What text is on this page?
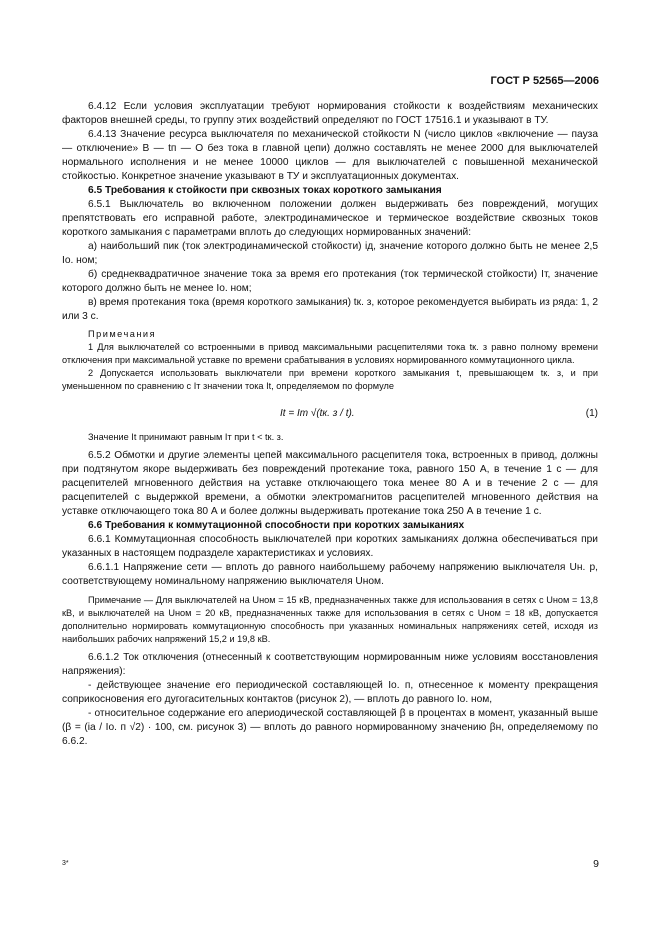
ГОСТ Р 52565—2006

6.4.12 Если условия эксплуатации требуют нормирования стойкости к воздействиям механических факторов внешней среды, то группу этих воздействий определяют по ГОСТ 17516.1 и указывают в ТУ.

6.4.13 Значение ресурса выключателя по механической стойкости N (число циклов «включение — пауза — отключение» B — tп — O без тока в главной цепи) должно составлять не менее 2000 для выключателей нормального исполнения и не менее 10000 циклов — для выключателей с повышенной механической стойкостью. Конкретное значение указывают в ТУ и эксплуатационных документах.

6.5 Требования к стойкости при сквозных токах короткого замыкания

6.5.1 Выключатель во включенном положении должен выдерживать без повреждений, могущих препятствовать его исправной работе, электродинамическое и термическое воздействие сквозных токов короткого замыкания с параметрами вплоть до следующих нормированных значений:

а) наибольший пик (ток электродинамической стойкости) iд, значение которого должно быть не менее 2,5 Iо. ном;

б) среднеквадратичное значение тока за время его протекания (ток термической стойкости) Iт, значение которого должно быть не менее Iо. ном;

в) время протекания тока (время короткого замыкания) tк. з, которое рекомендуется выбирать из ряда: 1, 2 или 3 с.

Примечания

1 Для выключателей со встроенными в привод максимальными расцепителями тока tк. з равно полному времени отключения при максимальной уставке по времени срабатывания в условиях нормированного коммутационного цикла.

2 Допускается использовать выключатели при времени короткого замыкания t, превышающем tк. з, и при уменьшенном по сравнению с Iт значении тока It, определяемом по формуле

It = Iт √(tк. з / t).	(1)

Значение It принимают равным Iт при t < tк. з.

6.5.2 Обмотки и другие элементы цепей максимального расцепителя тока, встроенных в привод, должны при подтянутом якоре выдерживать без повреждений протекание тока, равного 150 А, в течение 1 с — для расцепителей мгновенного действия на уставке отключающего тока менее 80 А и в течение 2 с — для расцепителей с выдержкой времени, а обмотки электромагнитов расцепителей мгновенного действия на уставке отключающего тока 80 А и более должны выдерживать протекание тока 250 А в течение 1 с.

6.6 Требования к коммутационной способности при коротких замыканиях

6.6.1 Коммутационная способность выключателей при коротких замыканиях должна обеспечиваться при указанных в настоящем подразделе характеристиках и условиях.

6.6.1.1 Напряжение сети — вплоть до равного наибольшему рабочему напряжению выключателя Uн. р, соответствующему номинальному напряжению выключателя Uном.

Примечание — Для выключателей на Uном = 15 кВ, предназначенных также для использования в сетях с Uном = 13,8 кВ, и выключателей на Uном = 20 кВ, предназначенных также для использования в сетях с Uном = 18 кВ, допускается дополнительно нормировать коммутационную способность при указанных номинальных напряжениях сетей, исходя из наибольших рабочих напряжений 15,2 и 19,8 кВ.

6.6.1.2 Ток отключения (отнесенный к соответствующим нормированным ниже условиям восстановления напряжения):

- действующее значение его периодической составляющей Iо. п, отнесенное к моменту прекращения соприкосновения его дугогасительных контактов (рисунок 2), — вплоть до равного Iо. ном,

- относительное содержание его апериодической составляющей β в процентах в момент, указанный выше (β = (iа / Iо. п √2) · 100, см. рисунок 3) — вплоть до равного нормированному значению βн, определяемому по 6.6.2.

3*	9
